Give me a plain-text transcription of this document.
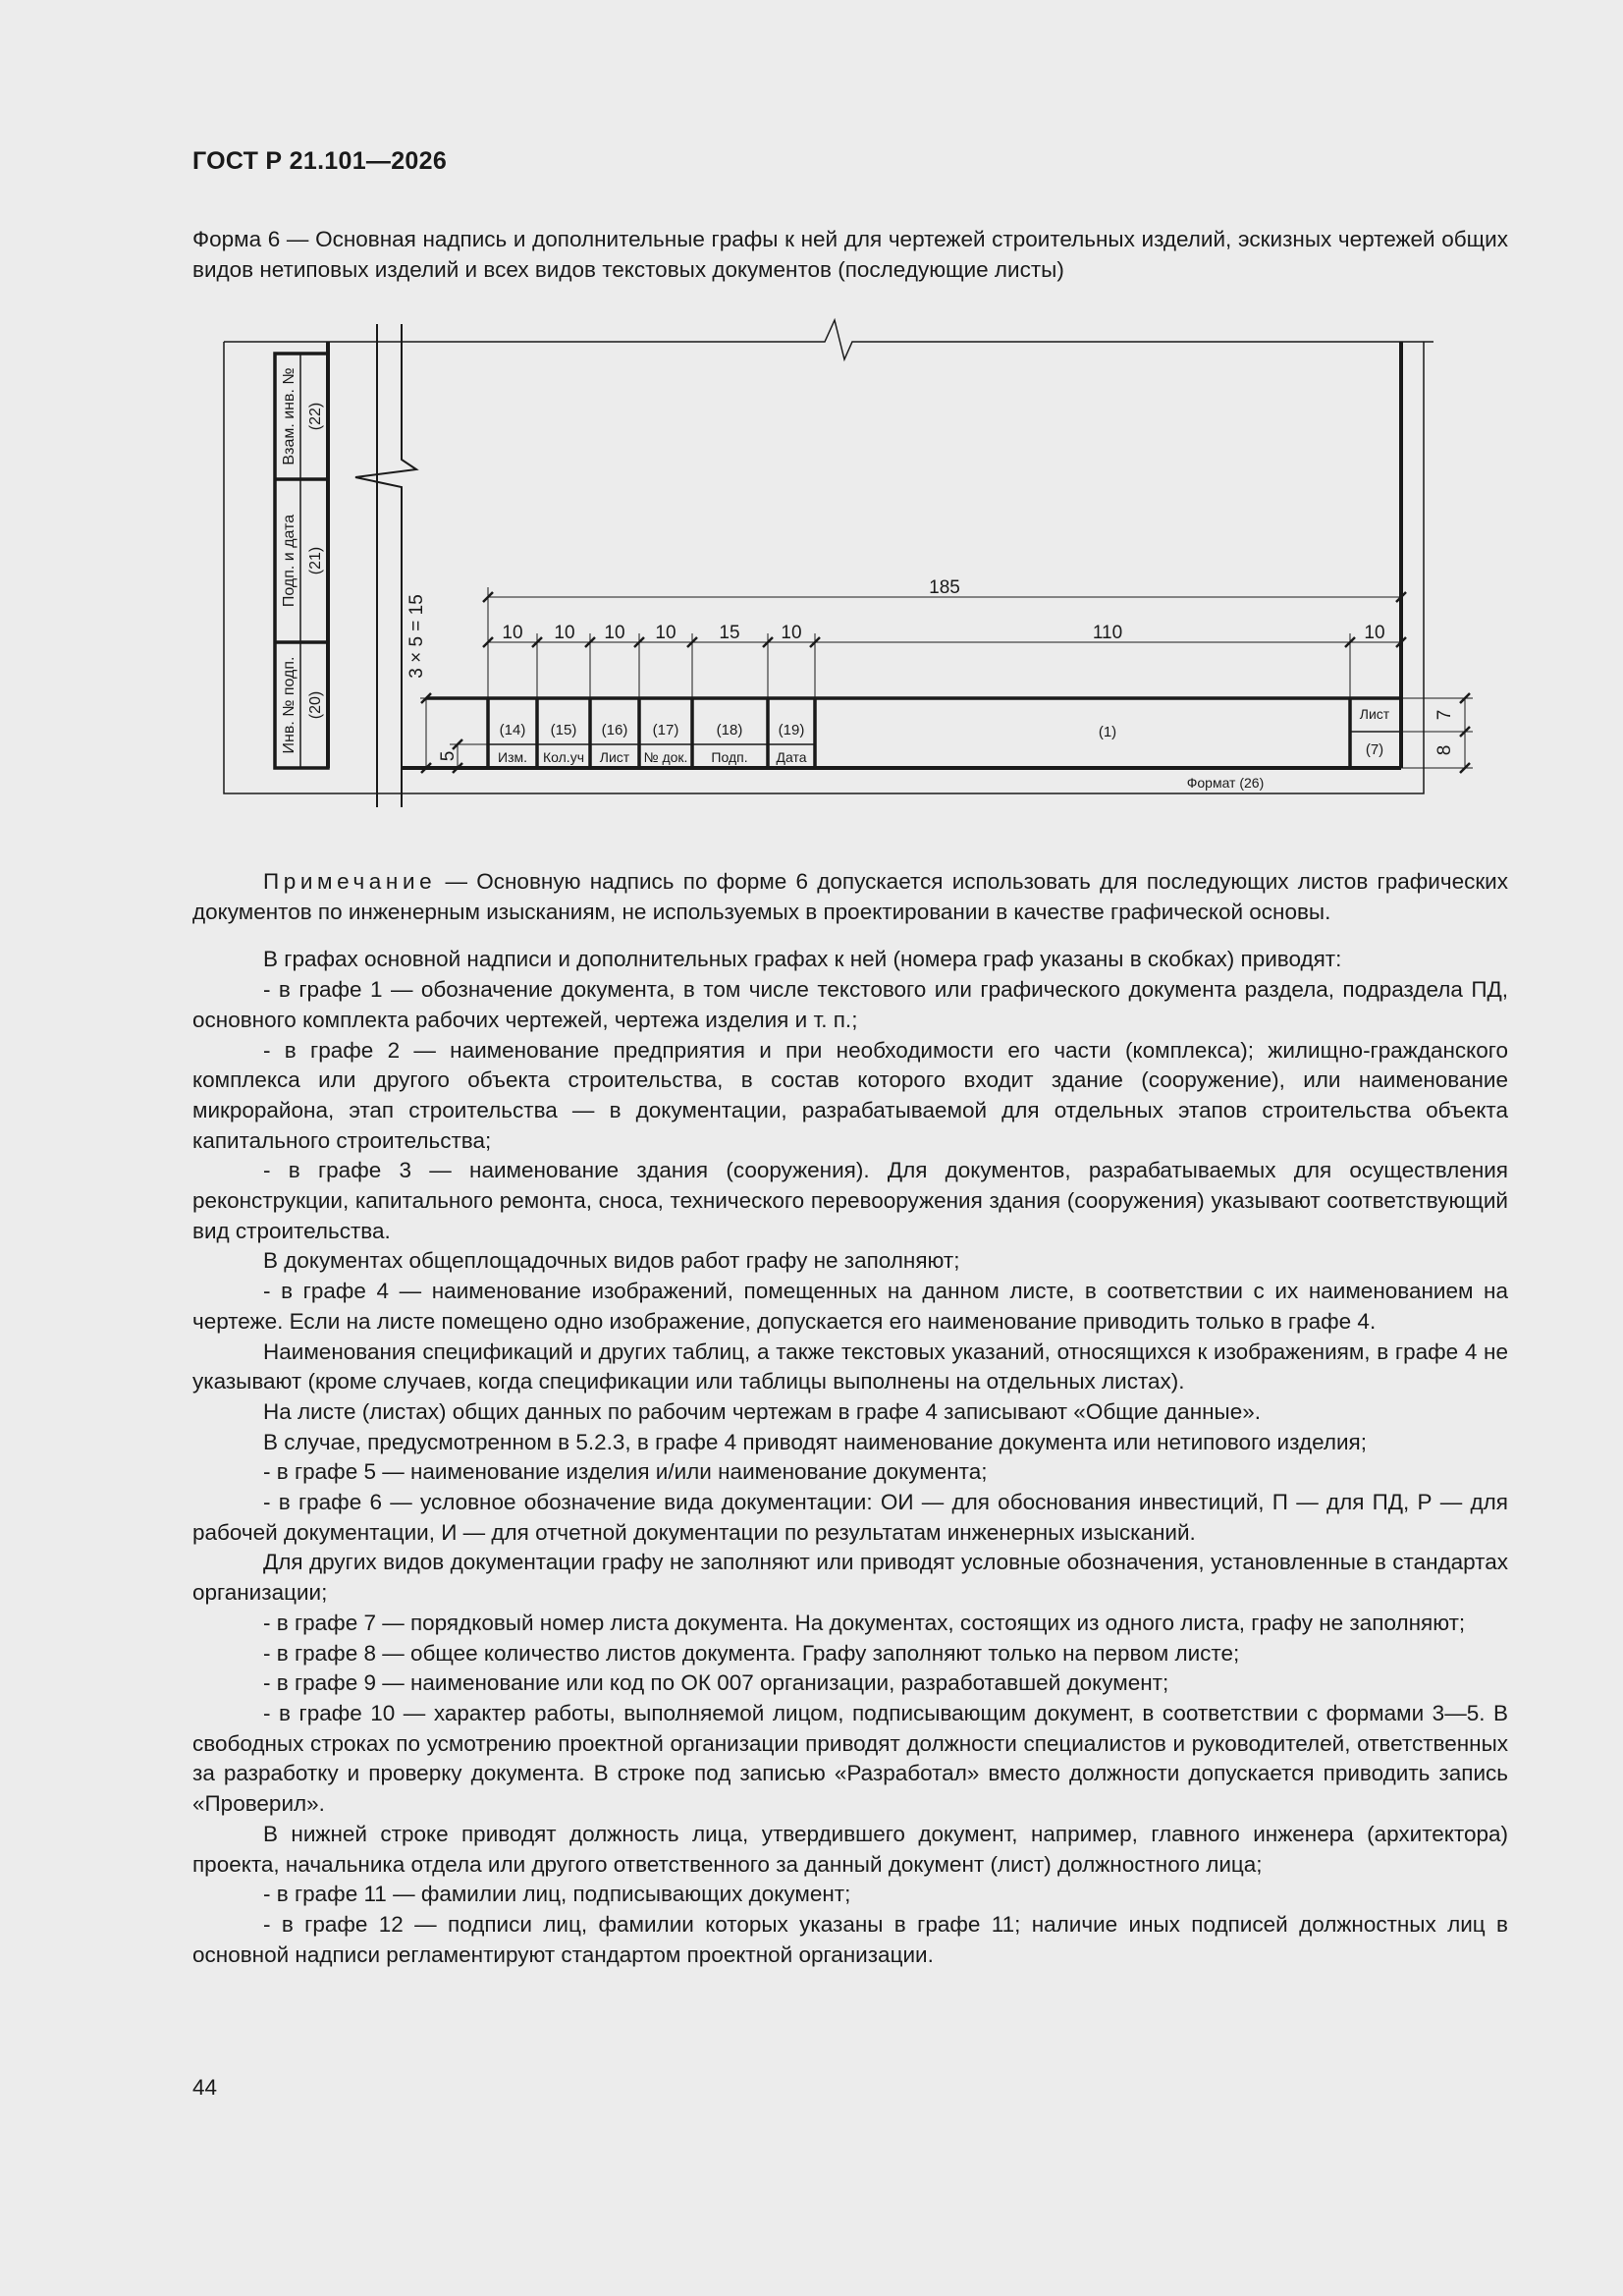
ГОСТ Р 21.101—2026

Форма 6 — Основная надпись и дополнительные графы к ней для чертежей строительных изделий, эскизных чертежей общих видов нетиповых изделий и всех видов текстовых документов (последующие листы)

Взам. инв. № (22)
Подп. и дата (21)
Инв. № подп. (20)
185
10 10 10 10 15 10	110	10
3 × 5 = 15
5
7
8
(14) (15) (16) (17)	(18) (19)
Изм. Кол.уч Лист № док. Подп. Дата
(1)
Лист
(7)
Формат (26)

Примечание — Основную надпись по форме 6 допускается использовать для последующих листов графических документов по инженерным изысканиям, не используемых в проектировании в качестве графической основы.

В графах основной надписи и дополнительных графах к ней (номера граф указаны в скобках) приводят:

- в графе 1 — обозначение документа, в том числе текстового или графического документа раздела, подраздела ПД, основного комплекта рабочих чертежей, чертежа изделия и т. п.;

- в графе 2 — наименование предприятия и при необходимости его части (комплекса); жилищно-гражданского комплекса или другого объекта строительства, в состав которого входит здание (сооружение), или наименование микрорайона, этап строительства — в документации, разрабатываемой для отдельных этапов строительства объекта капитального строительства;

- в графе 3 — наименование здания (сооружения). Для документов, разрабатываемых для осуществления реконструкции, капитального ремонта, сноса, технического перевооружения здания (сооружения) указывают соответствующий вид строительства.

В документах общеплощадочных видов работ графу не заполняют;

- в графе 4 — наименование изображений, помещенных на данном листе, в соответствии с их наименованием на чертеже. Если на листе помещено одно изображение, допускается его наименование приводить только в графе 4.

Наименования спецификаций и других таблиц, а также текстовых указаний, относящихся к изображениям, в графе 4 не указывают (кроме случаев, когда спецификации или таблицы выполнены на отдельных листах).

На листе (листах) общих данных по рабочим чертежам в графе 4 записывают «Общие данные».

В случае, предусмотренном в 5.2.3, в графе 4 приводят наименование документа или нетипового изделия;

- в графе 5 — наименование изделия и/или наименование документа;

- в графе 6 — условное обозначение вида документации: ОИ — для обоснования инвестиций, П — для ПД, Р — для рабочей документации, И — для отчетной документации по результатам инженерных изысканий.

Для других видов документации графу не заполняют или приводят условные обозначения, установленные в стандартах организации;

- в графе 7 — порядковый номер листа документа. На документах, состоящих из одного листа, графу не заполняют;

- в графе 8 — общее количество листов документа. Графу заполняют только на первом листе;

- в графе 9 — наименование или код по ОК 007 организации, разработавшей документ;

- в графе 10 — характер работы, выполняемой лицом, подписывающим документ, в соответствии с формами 3—5. В свободных строках по усмотрению проектной организации приводят должности специалистов и руководителей, ответственных за разработку и проверку документа. В строке под записью «Разработал» вместо должности допускается приводить запись «Проверил».

В нижней строке приводят должность лица, утвердившего документ, например, главного инженера (архитектора) проекта, начальника отдела или другого ответственного за данный документ (лист) должностного лица;

- в графе 11 — фамилии лиц, подписывающих документ;

- в графе 12 — подписи лиц, фамилии которых указаны в графе 11; наличие иных подписей должностных лиц в основной надписи регламентируют стандартом проектной организации.

44
